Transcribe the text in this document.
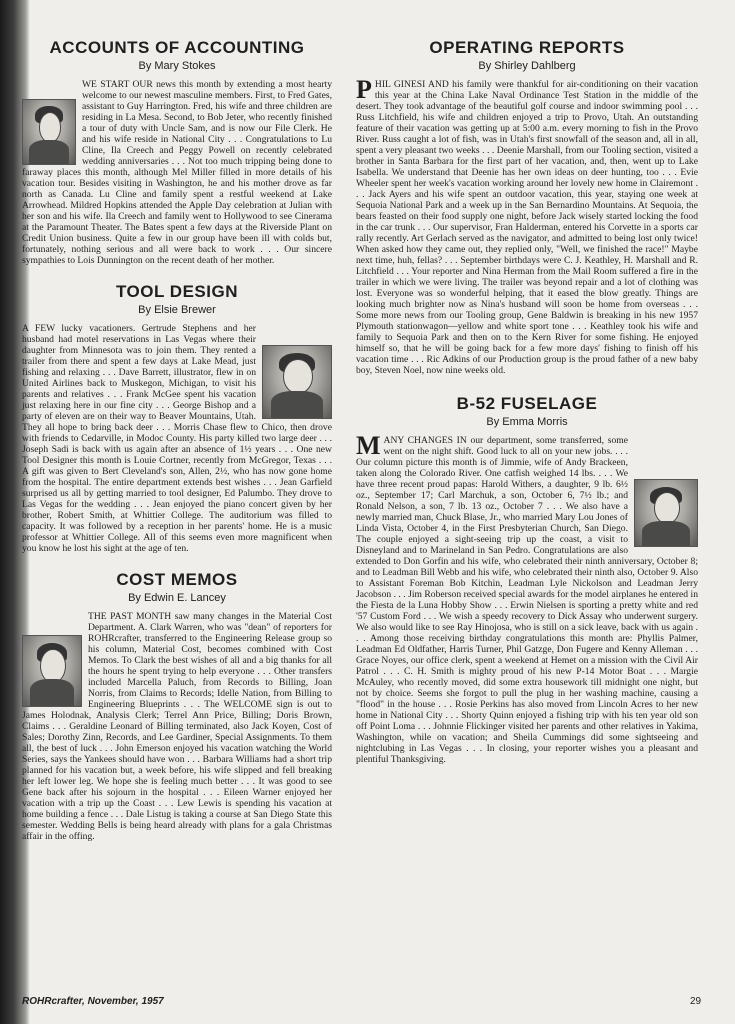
ACCOUNTS OF ACCOUNTING
By Mary Stokes

WE START OUR news this month by extending a most hearty welcome to our newest masculine members. First, to Fred Gates, assistant to Guy Harrington. Fred, his wife and three children are residing in La Mesa. Second, to Bob Jeter, who recently finished a tour of duty with Uncle Sam, and is now our File Clerk. He and his wife reside in National City . . . Congratulations to Lu Cline, Ila Creech and Peggy Powell on recently celebrated wedding anniversaries . . . Not too much tripping being done to faraway places this month, although Mel Miller filled in more details of his vacation tour. Besides visiting in Washington, he and his mother drove as far north as Canada. Lu Cline and family spent a restful weekend at Lake Arrowhead. Mildred Hopkins attended the Apple Day celebration at Julian with her son and his wife. Ila Creech and family went to Hollywood to see Cinerama at the Paramount Theater. The Bates spent a few days at the Riverside Plant on Credit Union business. Quite a few in our group have been ill with colds but, fortunately, nothing serious and all were back to work . . . Our sincere sympathies to Lois Dunnington on the recent death of her mother.

TOOL DESIGN
By Elsie Brewer

A FEW lucky vacationers. Gertrude Stephens and her husband had motel reservations in Las Vegas where their daughter from Minnesota was to join them. They rented a trailer from there and spent a few days at Lake Mead, just fishing and relaxing . . . Dave Barrett, illustrator, flew in on United Airlines back to Muskegon, Michigan, to visit his parents and relatives . . . Frank McGee spent his vacation just relaxing here in our fine city . . . George Bishop and a party of eleven are on their way to Beaver Mountains, Utah. They all hope to bring back deer . . . Morris Chase flew to Chico, then drove with friends to Cedarville, in Modoc County. His party killed two large deer . . . Joseph Sadi is back with us again after an absence of 1½ years . . . One new Tool Designer this month is Louie Cortner, recently from McGregor, Texas . . . A gift was given to Bert Cleveland's son, Allen, 2½, who has now gone home from the hospital. The entire department extends best wishes . . . Jean Garfield surprised us all by getting married to tool designer, Ed Palumbo. They drove to Las Vegas for the wedding . . . Jean enjoyed the piano concert given by her brother, Robert Smith, at Whittier College. The auditorium was filled to capacity. It was followed by a reception in her parents' home. He is a music professor at Whittier College. All of this seems even more magnificent when you know he lost his sight at the age of ten.

COST MEMOS
By Edwin E. Lancey

THE PAST MONTH saw many changes in the Material Cost Department. A. Clark Warren, who was "dean" of reporters for ROHRcrafter, transferred to the Engineering Release group so his column, Material Cost, becomes combined with Cost Memos. To Clark the best wishes of all and a big thanks for all the hours he spent trying to help everyone . . . Other transfers included Marcella Paluch, from Records to Billing, Joan Norris, from Claims to Records; Idelle Nation, from Billing to Engineering Blueprints . . . The WELCOME sign is out to James Holodnak, Analysis Clerk; Terrel Ann Price, Billing; Doris Brown, Claims . . . Geraldine Leonard of Billing terminated, also Jack Koyen, Cost of Sales; Dorothy Zinn, Records, and Lee Gardiner, Special Assignments. To them all, the best of luck . . . John Emerson enjoyed his vacation watching the World Series, says the Yankees should have won . . . Barbara Williams had a short trip planned for his vacation but, a week before, his wife slipped and fell breaking her left lower leg. We hope she is feeling much better . . . It was good to see Gene back after his sojourn in the hospital . . . Eileen Warner enjoyed her vacation with a trip up the Coast . . . Lew Lewis is spending his vacation at home building a fence . . . Dale Listug is taking a course at San Diego State this semester. Wedding Bells is being heard already with plans for a gala Christmas affair in the offing.

OPERATING REPORTS
By Shirley Dahlberg

PHIL GINESI AND his family were thankful for air-conditioning on their vacation this year at the China Lake Naval Ordinance Test Station in the middle of the desert. They took advantage of the beautiful golf course and indoor swimming pool . . . Russ Litchfield, his wife and children enjoyed a trip to Provo, Utah. An outstanding feature of their vacation was getting up at 5:00 a.m. every morning to fish in the Provo River. Russ caught a lot of fish, was in Utah's first snowfall of the season and, all in all, spent a very pleasant two weeks . . . Deenie Marshall, from our Tooling section, visited a brother in Santa Barbara for the first part of her vacation, and, then, went up to Lake Isabella. We understand that Deenie has her own ideas on deer hunting, too . . . Evie Wheeler spent her week's vacation working around her lovely new home in Clairemont . . . Jack Ayers and his wife spent an outdoor vacation, this year, staying one week at Sequoia National Park and a week up in the San Bernardino Mountains. At Sequoia, the bears feasted on their food supply one night, before Jack wisely started locking the food in the car trunk . . . Our supervisor, Fran Halderman, entered his Corvette in a sports car rally recently. Art Gerlach served as the navigator, and admitted to being lost only twice! When asked how they came out, they replied only, "Well, we finished the race!" Maybe next time, huh, fellas? . . . September birthdays were C. J. Keathley, H. Marshall and R. Litchfield . . . Your reporter and Nina Herman from the Mail Room suffered a fire in the trailer in which we were living. The trailer was beyond repair and a lot of clothing was lost. Everyone was so wonderful helping, that it eased the blow greatly. Things are looking much brighter now as Nina's husband will soon be home from overseas . . . Some more news from our Tooling group, Gene Baldwin is breaking in his new 1957 Plymouth stationwagon—yellow and white sport tone . . . Keathley took his wife and family to Sequoia Park and then on to the Kern River for some fishing. He enjoyed himself so, that he will be going back for a few more days' fishing to finish off his vacation time . . . Ric Adkins of our Production group is the proud father of a new baby boy, Steven Noel, now nine weeks old.

B-52 FUSELAGE
By Emma Morris

MANY CHANGES IN our department, some transferred, some went on the night shift. Good luck to all on your new jobs. . . . Our column picture this month is of Jimmie, wife of Andy Brackeen, taken along the Colorado River. One catfish weighed 14 lbs. . . . We have three recent proud papas: Harold Withers, a daughter, 9 lb. 6½ oz., September 17; Carl Marchuk, a son, October 6, 7½ lb.; and Ronald Nelson, a son, 7 lb. 13 oz., October 7 . . . We also have a newly married man, Chuck Blase, Jr., who married Mary Lou Jones of Linda Vista, October 4, in the First Presbyterian Church, San Diego. The couple enjoyed a sight-seeing trip up the coast, a visit to Disneyland and to Marineland in San Pedro. Congratulations are also extended to Don Gorfin and his wife, who celebrated their ninth anniversary, October 8; and to Leadman Bill Webb and his wife, who celebrated their ninth also, October 9. Also to Assistant Foreman Bob Kitchin, Leadman Lyle Nickolson and Leadman Jerry Jacobson . . . Jim Roberson received special awards for the model airplanes he entered in the Fiesta de la Luna Hobby Show . . . Erwin Nielsen is sporting a pretty white and red '57 Custom Ford . . . We wish a speedy recovery to Dick Assay who underwent surgery. We also would like to see Ray Hinojosa, who is still on a sick leave, back with us again . . . Among those receiving birthday congratulations this month are: Phyllis Palmer, Leadman Ed Oldfather, Harris Turner, Phil Gatzge, Don Fugere and Kenny Alleman . . . Grace Noyes, our office clerk, spent a weekend at Hemet on a mission with the Civil Air Patrol . . . C. H. Smith is mighty proud of his new P-14 Motor Boat . . . Margie McAuley, who recently moved, did some extra housework till midnight one night, but not by choice. Seems she forgot to pull the plug in her washing machine, causing a "flood" in the house . . . Rosie Perkins has also moved from Lincoln Acres to her new home in National City . . . Shorty Quinn enjoyed a fishing trip with his ten year old son off Point Loma . . . Johnnie Flickinger visited her parents and other relatives in Yakima, Washington, while on vacation; and Sheila Cummings did some sightseeing and nightclubing in Las Vegas . . . In closing, your reporter wishes you a pleasant and plentiful Thanksgiving.

ROHRcrafter, November, 1957	29
